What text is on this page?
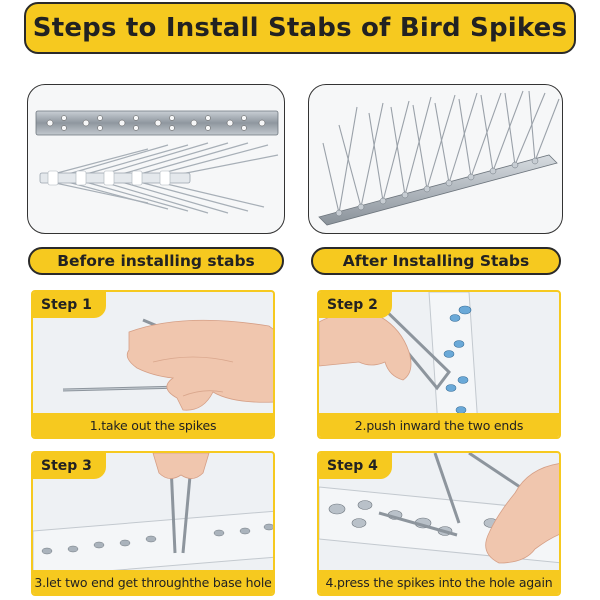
Steps to Install Stabs of Bird Spikes
Before installing stabs	After Installing Stabs
Step 1
1.take out the spikes
Step 2
2.push inward the two ends
Step 3
3.let two end get throughthe base hole
Step 4
4.press the spikes into the hole again
